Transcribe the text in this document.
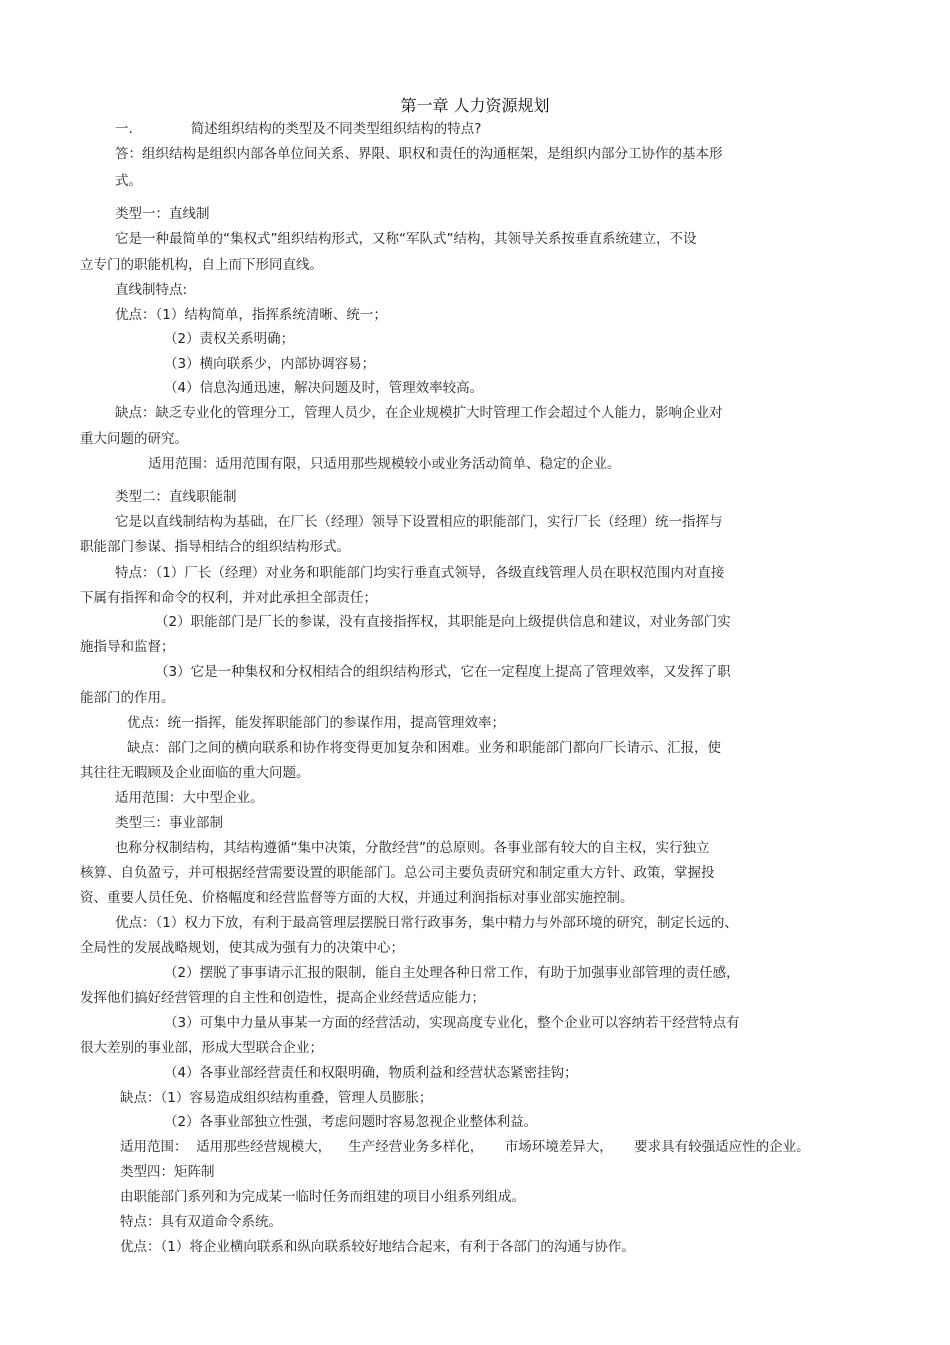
第一章 人力资源规划
一.	简述组织结构的类型及不同类型组织结构的特点?
答：组织结构是组织内部各单位间关系、界限、职权和责任的沟通框架，是组织内部分工协作的基本形
式。
类型一：直线制
它是一种最简单的“集权式”组织结构形式，又称“军队式”结构，其领导关系按垂直系统建立，不设
立专门的职能机构，自上而下形同直线。
直线制特点:
优点：（1）结构简单，指挥系统清晰、统一；
（2）责权关系明确；
（3）横向联系少，内部协调容易；
（4）信息沟通迅速，解决问题及时，管理效率较高。
缺点：缺乏专业化的管理分工，管理人员少，在企业规模扩大时管理工作会超过个人能力，影响企业对
重大问题的研究。
适用范围：适用范围有限，只适用那些规模较小或业务活动简单、稳定的企业。
类型二：直线职能制
它是以直线制结构为基础，在厂长（经理）领导下设置相应的职能部门，实行厂长（经理）统一指挥与
职能部门参谋、指导相结合的组织结构形式。
特点：（1）厂长（经理）对业务和职能部门均实行垂直式领导，各级直线管理人员在职权范围内对直接
下属有指挥和命令的权利，并对此承担全部责任；
（2）职能部门是厂长的参谋，没有直接指挥权，其职能是向上级提供信息和建议，对业务部门实
施指导和监督；
（3）它是一种集权和分权相结合的组织结构形式，它在一定程度上提高了管理效率，又发挥了职
能部门的作用。
优点：统一指挥，能发挥职能部门的参谋作用，提高管理效率；
缺点：部门之间的横向联系和协作将变得更加复杂和困难。业务和职能部门都向厂长请示、汇报，使
其往往无暇顾及企业面临的重大问题。
适用范围：大中型企业。
类型三：事业部制
也称分权制结构，其结构遵循“集中决策，分散经营”的总原则。各事业部有较大的自主权，实行独立
核算、自负盈亏，并可根据经营需要设置的职能部门。总公司主要负责研究和制定重大方针、政策，掌握投
资、重要人员任免、价格幅度和经营监督等方面的大权，并通过利润指标对事业部实施控制。
优点：（1）权力下放，有利于最高管理层摆脱日常行政事务，集中精力与外部环境的研究，制定长远的、
全局性的发展战略规划，使其成为强有力的决策中心；
（2）摆脱了事事请示汇报的限制，能自主处理各种日常工作，有助于加强事业部管理的责任感，
发挥他们搞好经营管理的自主性和创造性，提高企业经营适应能力；
（3）可集中力量从事某一方面的经营活动，实现高度专业化，整个企业可以容纳若干经营特点有
很大差别的事业部，形成大型联合企业；
（4）各事业部经营责任和权限明确，物质利益和经营状态紧密挂钩；
缺点：（1）容易造成组织结构重叠，管理人员膨胀；
（2）各事业部独立性强，考虑问题时容易忽视企业整体利益。
适用范围：  适用那些经营规模大，    生产经营业务多样化，     市场环境差异大，     要求具有较强适应性的企业。
类型四：矩阵制
由职能部门系列和为完成某一临时任务而组建的项目小组系列组成。
特点：具有双道命令系统。
优点：（1）将企业横向联系和纵向联系较好地结合起来，有利于各部门的沟通与协作。
